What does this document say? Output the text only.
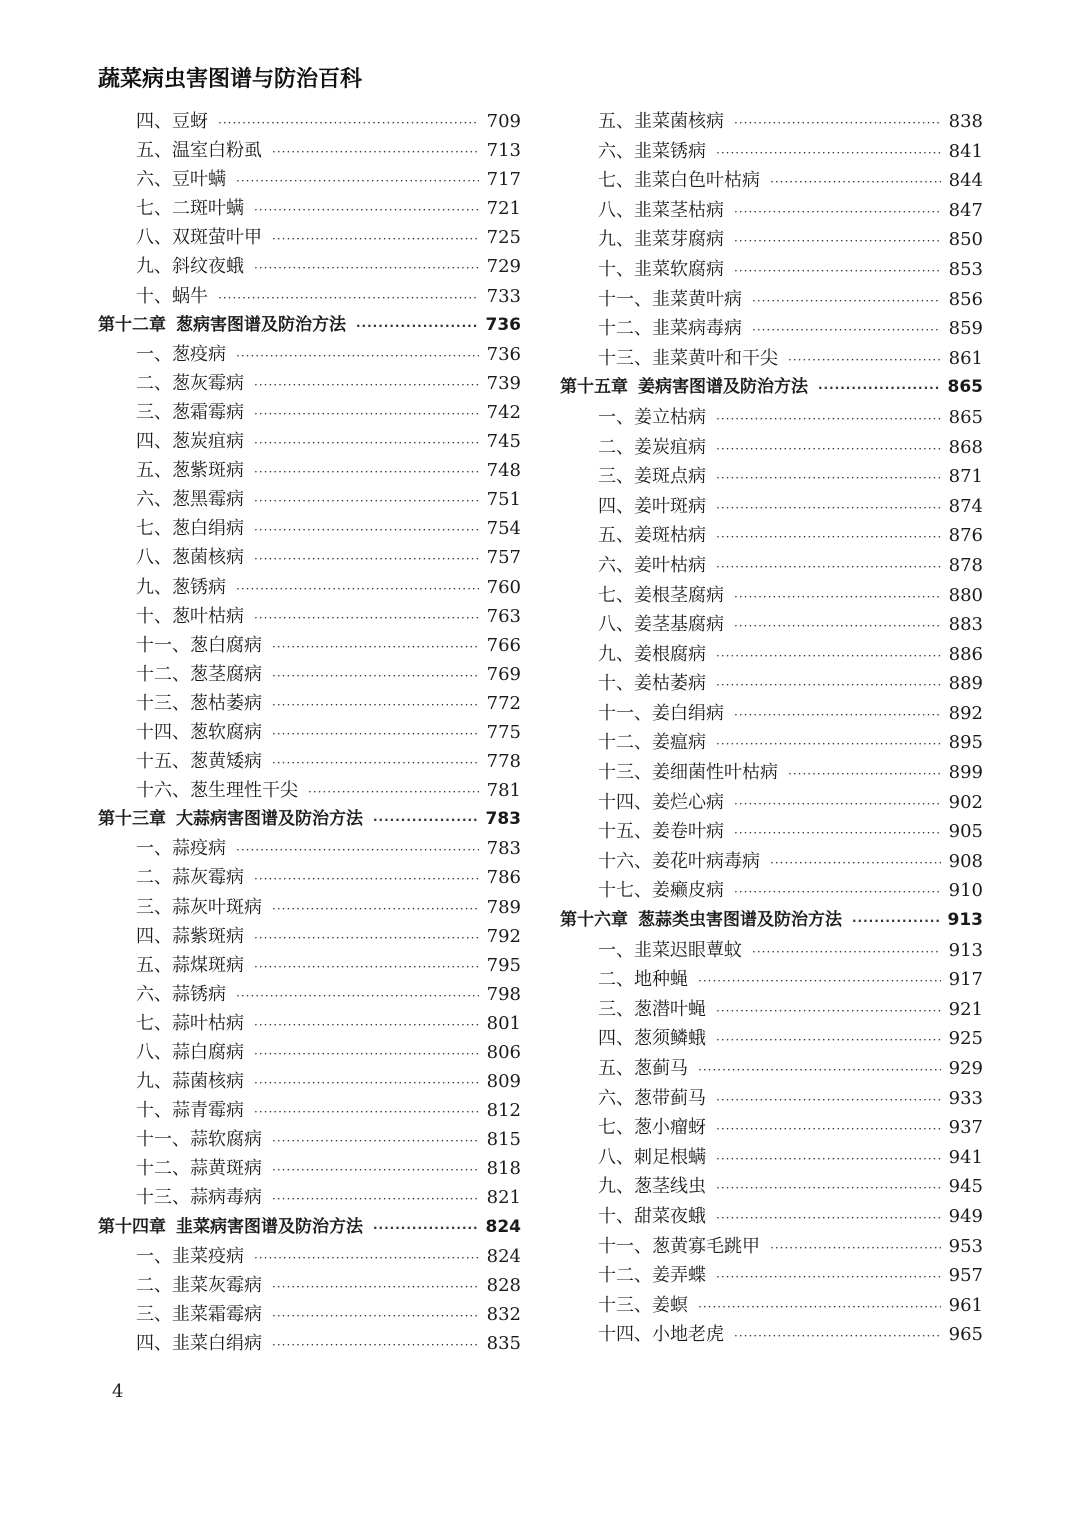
蔬菜病虫害图谱与防治百科
四、豆蚜 ·····	709
五、温室白粉虱 ·····	713
六、豆叶螨 ·····	717
七、二斑叶螨 ·····	721
八、双斑萤叶甲 ·····	725
九、斜纹夜蛾 ·····	729
十、蜗牛 ·····	733
第十二章 葱病害图谱及防治方法 ·····	736
一、葱疫病 ·····	736
二、葱灰霉病 ·····	739
三、葱霜霉病 ·····	742
四、葱炭疽病 ·····	745
五、葱紫斑病 ·····	748
六、葱黑霉病 ·····	751
七、葱白绢病 ·····	754
八、葱菌核病 ·····	757
九、葱锈病 ·····	760
十、葱叶枯病 ·····	763
十一、葱白腐病 ·····	766
十二、葱茎腐病 ·····	769
十三、葱枯萎病 ·····	772
十四、葱软腐病 ·····	775
十五、葱黄矮病 ·····	778
十六、葱生理性干尖 ·····	781
第十三章 大蒜病害图谱及防治方法 ·····	783
一、蒜疫病 ·····	783
二、蒜灰霉病 ·····	786
三、蒜灰叶斑病 ·····	789
四、蒜紫斑病 ·····	792
五、蒜煤斑病 ·····	795
六、蒜锈病 ·····	798
七、蒜叶枯病 ·····	801
八、蒜白腐病 ·····	806
九、蒜菌核病 ·····	809
十、蒜青霉病 ·····	812
十一、蒜软腐病 ·····	815
十二、蒜黄斑病 ·····	818
十三、蒜病毒病 ·····	821
第十四章 韭菜病害图谱及防治方法 ·····	824
一、韭菜疫病 ·····	824
二、韭菜灰霉病 ·····	828
三、韭菜霜霉病 ·····	832
四、韭菜白绢病 ·····	835
五、韭菜菌核病 ·····	838
六、韭菜锈病 ·····	841
七、韭菜白色叶枯病 ·····	844
八、韭菜茎枯病 ·····	847
九、韭菜芽腐病 ·····	850
十、韭菜软腐病 ·····	853
十一、韭菜黄叶病 ·····	856
十二、韭菜病毒病 ·····	859
十三、韭菜黄叶和干尖 ·····	861
第十五章 姜病害图谱及防治方法 ·····	865
一、姜立枯病 ·····	865
二、姜炭疽病 ·····	868
三、姜斑点病 ·····	871
四、姜叶斑病 ·····	874
五、姜斑枯病 ·····	876
六、姜叶枯病 ·····	878
七、姜根茎腐病 ·····	880
八、姜茎基腐病 ·····	883
九、姜根腐病 ·····	886
十、姜枯萎病 ·····	889
十一、姜白绢病 ·····	892
十二、姜瘟病 ·····	895
十三、姜细菌性叶枯病 ·····	899
十四、姜烂心病 ·····	902
十五、姜卷叶病 ·····	905
十六、姜花叶病毒病 ·····	908
十七、姜癞皮病 ·····	910
第十六章 葱蒜类虫害图谱及防治方法 ·····	913
一、韭菜迟眼蕈蚊 ·····	913
二、地种蝇 ·····	917
三、葱潜叶蝇 ·····	921
四、葱须鳞蛾 ·····	925
五、葱蓟马 ·····	929
六、葱带蓟马 ·····	933
七、葱小瘤蚜 ·····	937
八、刺足根螨 ·····	941
九、葱茎线虫 ·····	945
十、甜菜夜蛾 ·····	949
十一、葱黄寡毛跳甲 ·····	953
十二、姜弄蝶 ·····	957
十三、姜螟 ·····	961
十四、小地老虎 ·····	965
4
